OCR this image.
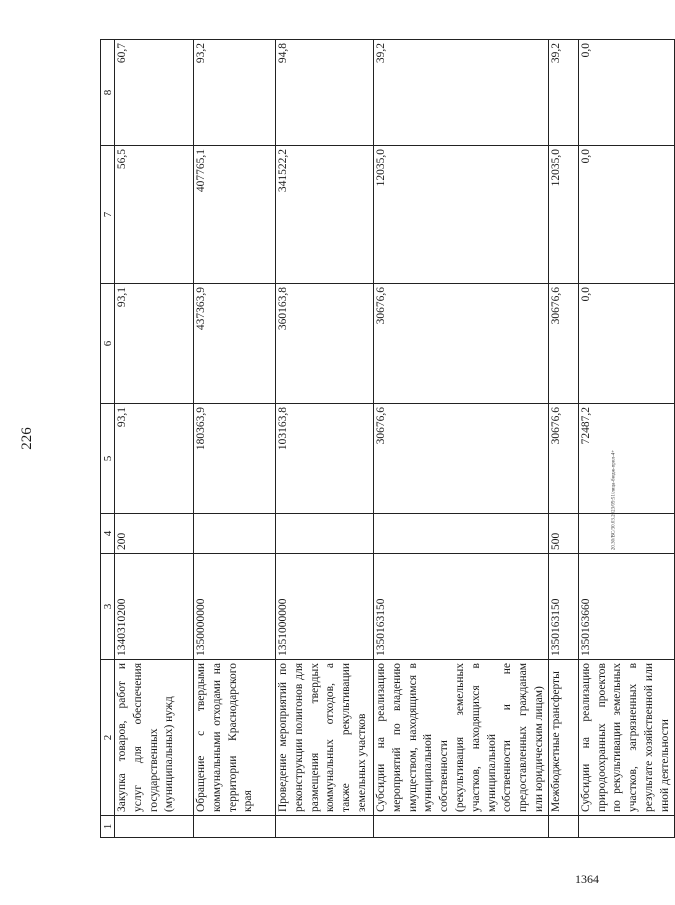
226
1	2	3	4	5	6	7	8
	Закупка товаров, работ и услуг для обеспечения государственных (муниципальных) нужд	1340310200	200	93,1	93,1	56,5	60,7
	Обращение с твердыми коммунальными отходами на территории Краснодарского края	1350000000		180363,9	437363,9	407765,1	93,2
	Проведение мероприятий по реконструкции полигонов для размещения твердых коммунальных отходов, а также рекультивации земельных участков	1351000000		103163,8	360163,8	341522,2	94,8
	Субсидии на реализацию мероприятий по владению имуществом, находящимся в муниципальной собственности (рекультивация земельных участков, находящихся в муниципальной собственности и не предоставленных гражданам или юридическим лицам)	1350163150		30676,6	30676,6	12035,0	39,2
	Межбюджетные трансферты	1350163150	500	30676,6	30676,6	12035,0	39,2
	Субсидии на реализацию природоохранных проектов по рекультивации земельных участков, загрязненных в результате хозяйственной или иной деятельности	1350163660		72487,2	0,0	0,0	0,0
20.30/ВС/30.03.2023/09:51/лица-бюдж-прил-4+
1364
